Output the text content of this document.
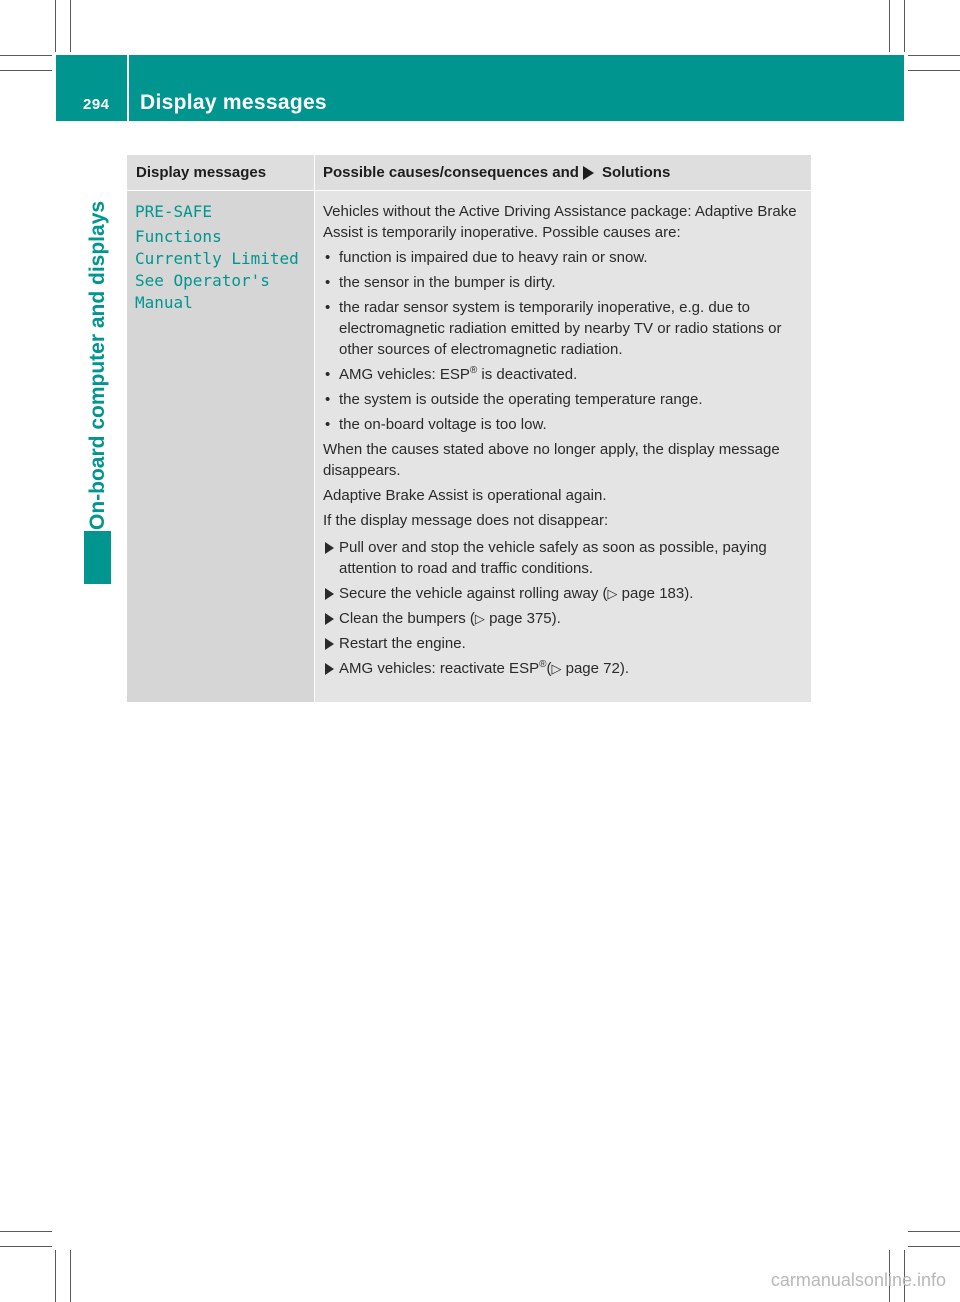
294 Display messages
On-board computer and displays
Display messages	Possible causes/consequences and Solutions
PRE-SAFE
Functions
Currently Limited
See Operator's
Manual
Vehicles without the Active Driving Assistance package: Adaptive Brake Assist is temporarily inoperative. Possible causes are:
• function is impaired due to heavy rain or snow.
• the sensor in the bumper is dirty.
• the radar sensor system is temporarily inoperative, e.g. due to electromagnetic radiation emitted by nearby TV or radio stations or other sources of electromagnetic radiation.
• AMG vehicles: ESP® is deactivated.
• the system is outside the operating temperature range.
• the on-board voltage is too low.
When the causes stated above no longer apply, the display message disappears.
Adaptive Brake Assist is operational again.
If the display message does not disappear:
Pull over and stop the vehicle safely as soon as possible, paying attention to road and traffic conditions.
Secure the vehicle against rolling away (▷ page 183).
Clean the bumpers (▷ page 375).
Restart the engine.
AMG vehicles: reactivate ESP®(▷ page 72).
carmanualsonline.info
